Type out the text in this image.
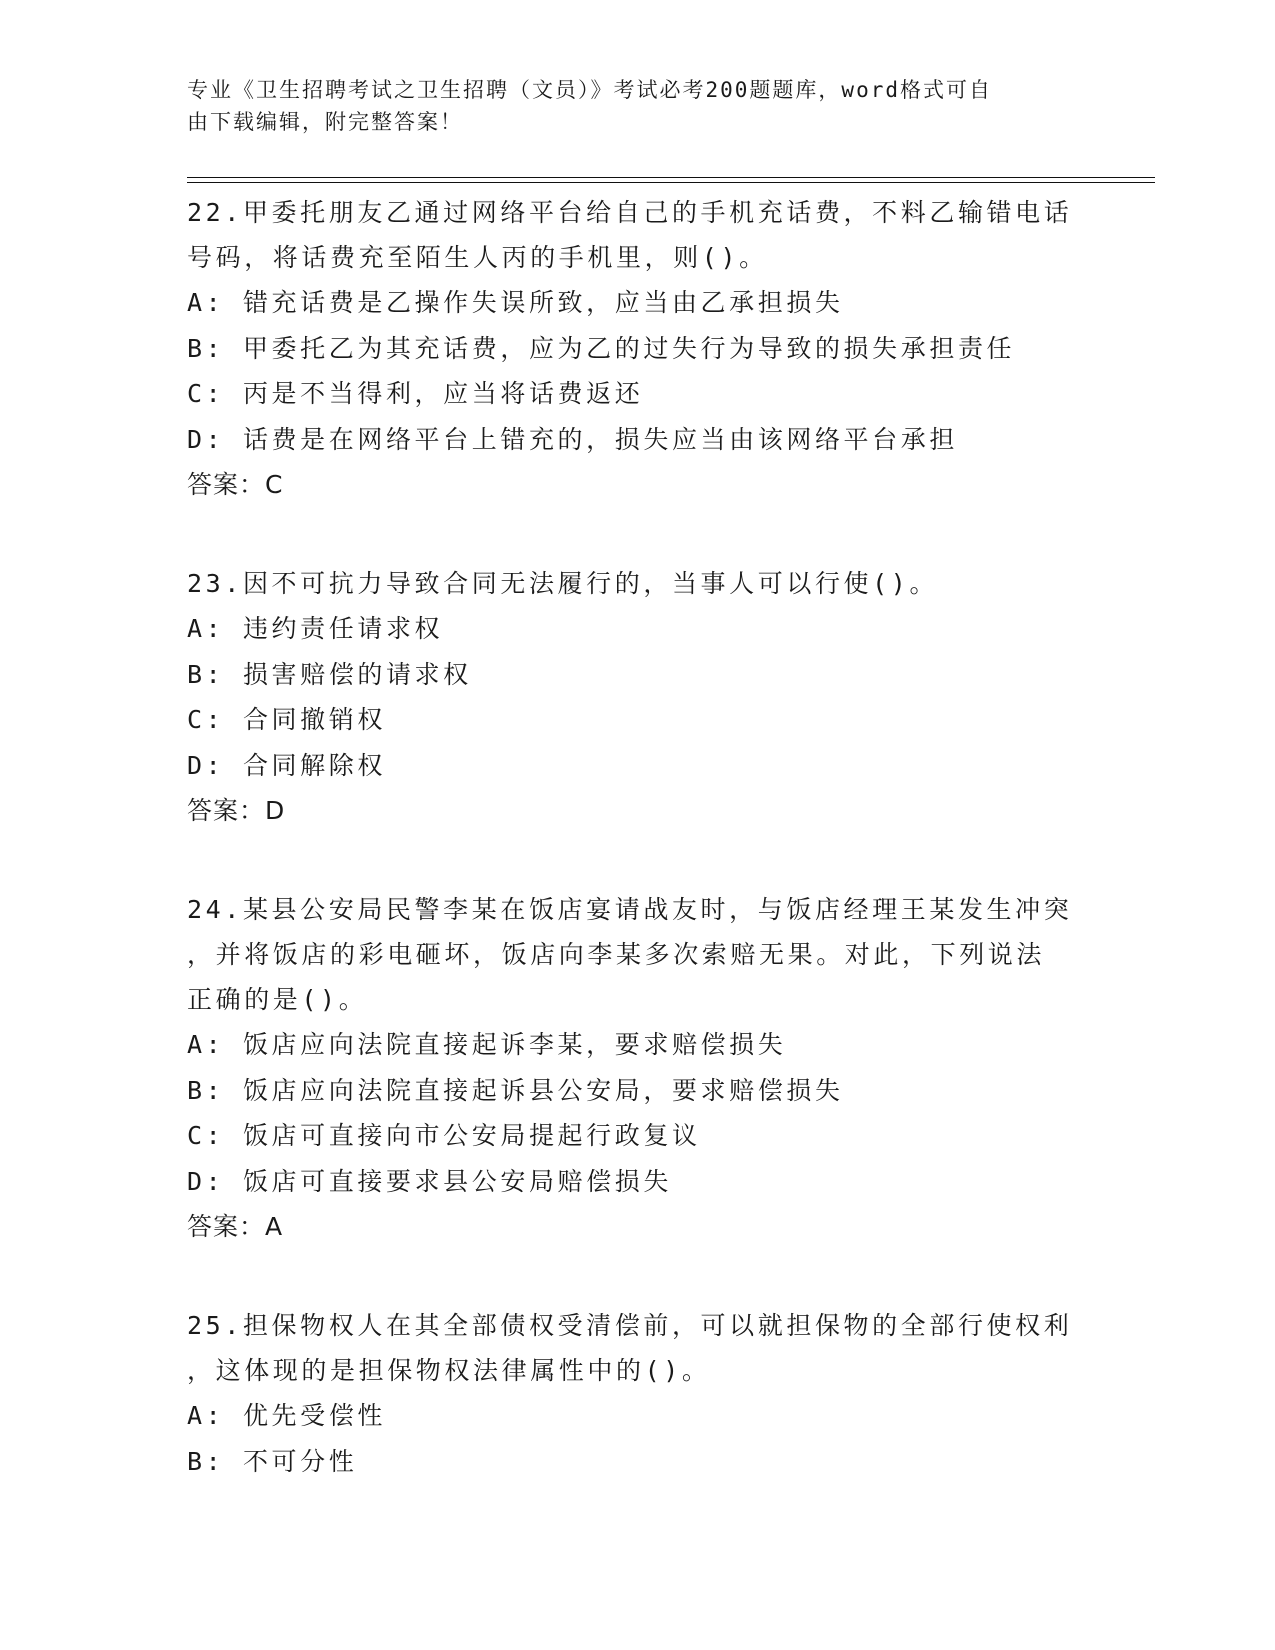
专业《卫生招聘考试之卫生招聘（文员）》考试必考200题题库，word格式可自
由下载编辑，附完整答案！
22.甲委托朋友乙通过网络平台给自己的手机充话费，不料乙输错电话
号码，将话费充至陌生人丙的手机里，则()。
A: 错充话费是乙操作失误所致，应当由乙承担损失
B: 甲委托乙为其充话费，应为乙的过失行为导致的损失承担责任
C: 丙是不当得利，应当将话费返还
D: 话费是在网络平台上错充的，损失应当由该网络平台承担
答案：C
23.因不可抗力导致合同无法履行的，当事人可以行使()。
A: 违约责任请求权
B: 损害赔偿的请求权
C: 合同撤销权
D: 合同解除权
答案：D
24.某县公安局民警李某在饭店宴请战友时，与饭店经理王某发生冲突
，并将饭店的彩电砸坏，饭店向李某多次索赔无果。对此，下列说法
正确的是()。
A: 饭店应向法院直接起诉李某，要求赔偿损失
B: 饭店应向法院直接起诉县公安局，要求赔偿损失
C: 饭店可直接向市公安局提起行政复议
D: 饭店可直接要求县公安局赔偿损失
答案：A
25.担保物权人在其全部债权受清偿前，可以就担保物的全部行使权利
，这体现的是担保物权法律属性中的()。
A: 优先受偿性
B: 不可分性
